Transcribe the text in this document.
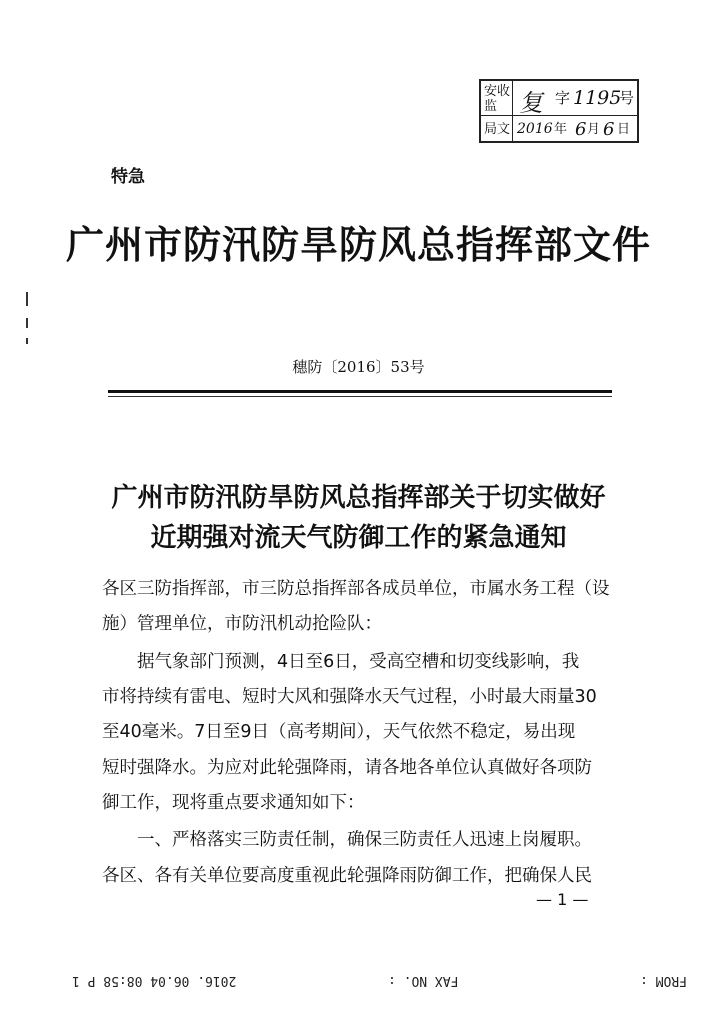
安收
监
局文
复 字 1195
号
2016 年 6 月 6 日
特急
广州市防汛防旱防风总指挥部文件
穗防〔2016〕53号
广州市防汛防旱防风总指挥部关于切实做好
近期强对流天气防御工作的紧急通知
各区三防指挥部，市三防总指挥部各成员单位，市属水务工程（设
施）管理单位，市防汛机动抢险队：
　　据气象部门预测，4日至6日，受高空槽和切变线影响，我
市将持续有雷电、短时大风和强降水天气过程，小时最大雨量30
至40毫米。7日至9日（高考期间），天气依然不稳定，易出现
短时强降水。为应对此轮强降雨，请各地各单位认真做好各项防
御工作，现将重点要求通知如下：
　　一、严格落实三防责任制，确保三防责任人迅速上岗履职。
各区、各有关单位要高度重视此轮强降雨防御工作，把确保人民
— 1 —
2016. 06.04 08:58 P 1	FAX NO. :	FROM :
